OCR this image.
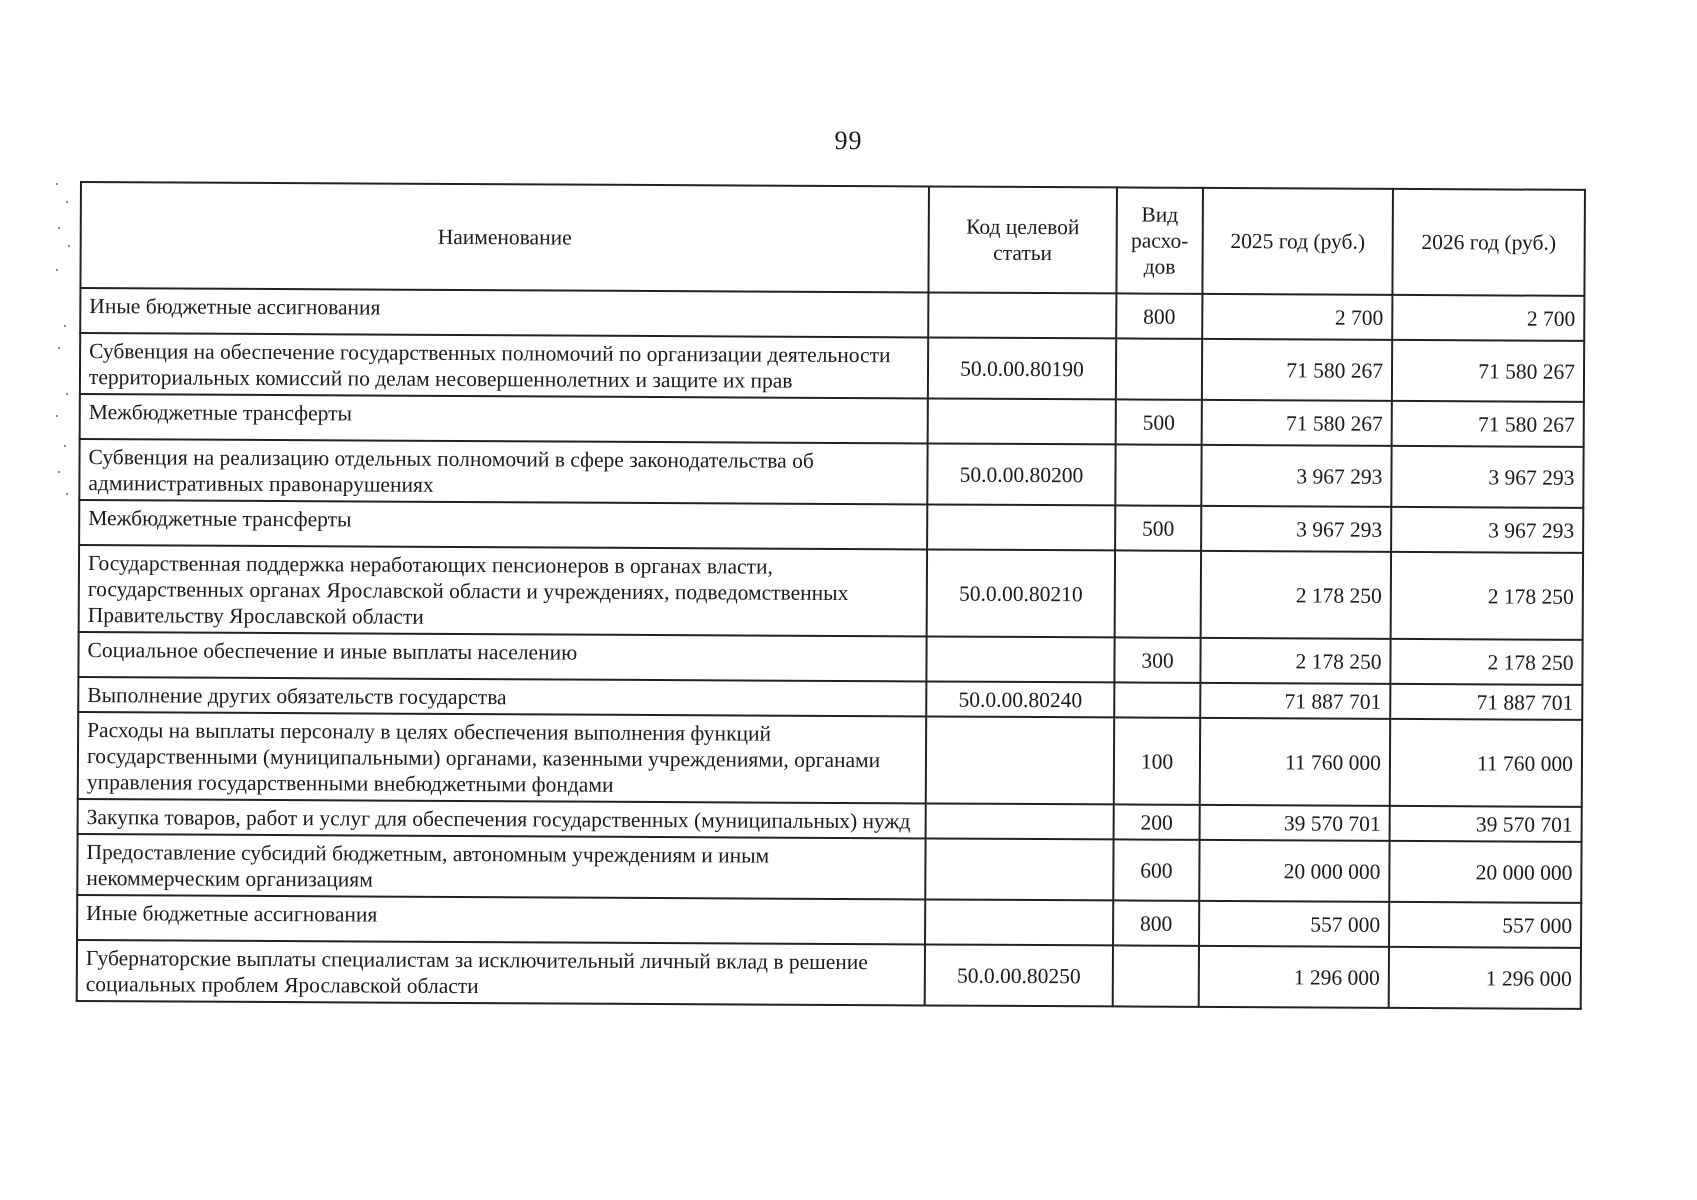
99
Наименование	Код целевой статьи	Вид расхо-дов	2025 год (руб.)	2026 год (руб.)
Иные бюджетные ассигнования		800	2 700	2 700
Субвенция на обеспечение государственных полномочий по организации деятельности территориальных комиссий по делам несовершеннолетних и защите их прав	50.0.00.80190		71 580 267	71 580 267
Межбюджетные трансферты		500	71 580 267	71 580 267
Субвенция на реализацию отдельных полномочий в сфере законодательства об административных правонарушениях	50.0.00.80200		3 967 293	3 967 293
Межбюджетные трансферты		500	3 967 293	3 967 293
Государственная поддержка неработающих пенсионеров в органах власти, государственных органах Ярославской области и учреждениях, подведомственных Правительству Ярославской области	50.0.00.80210		2 178 250	2 178 250
Социальное обеспечение и иные выплаты населению		300	2 178 250	2 178 250
Выполнение других обязательств государства	50.0.00.80240		71 887 701	71 887 701
Расходы на выплаты персоналу в целях обеспечения выполнения функций государственными (муниципальными) органами, казенными учреждениями, органами управления государственными внебюджетными фондами		100	11 760 000	11 760 000
Закупка товаров, работ и услуг для обеспечения государственных (муниципальных) нужд		200	39 570 701	39 570 701
Предоставление субсидий бюджетным, автономным учреждениям и иным некоммерческим организациям		600	20 000 000	20 000 000
Иные бюджетные ассигнования		800	557 000	557 000
Губернаторские выплаты специалистам за исключительный личный вклад в решение социальных проблем Ярославской области	50.0.00.80250		1 296 000	1 296 000
